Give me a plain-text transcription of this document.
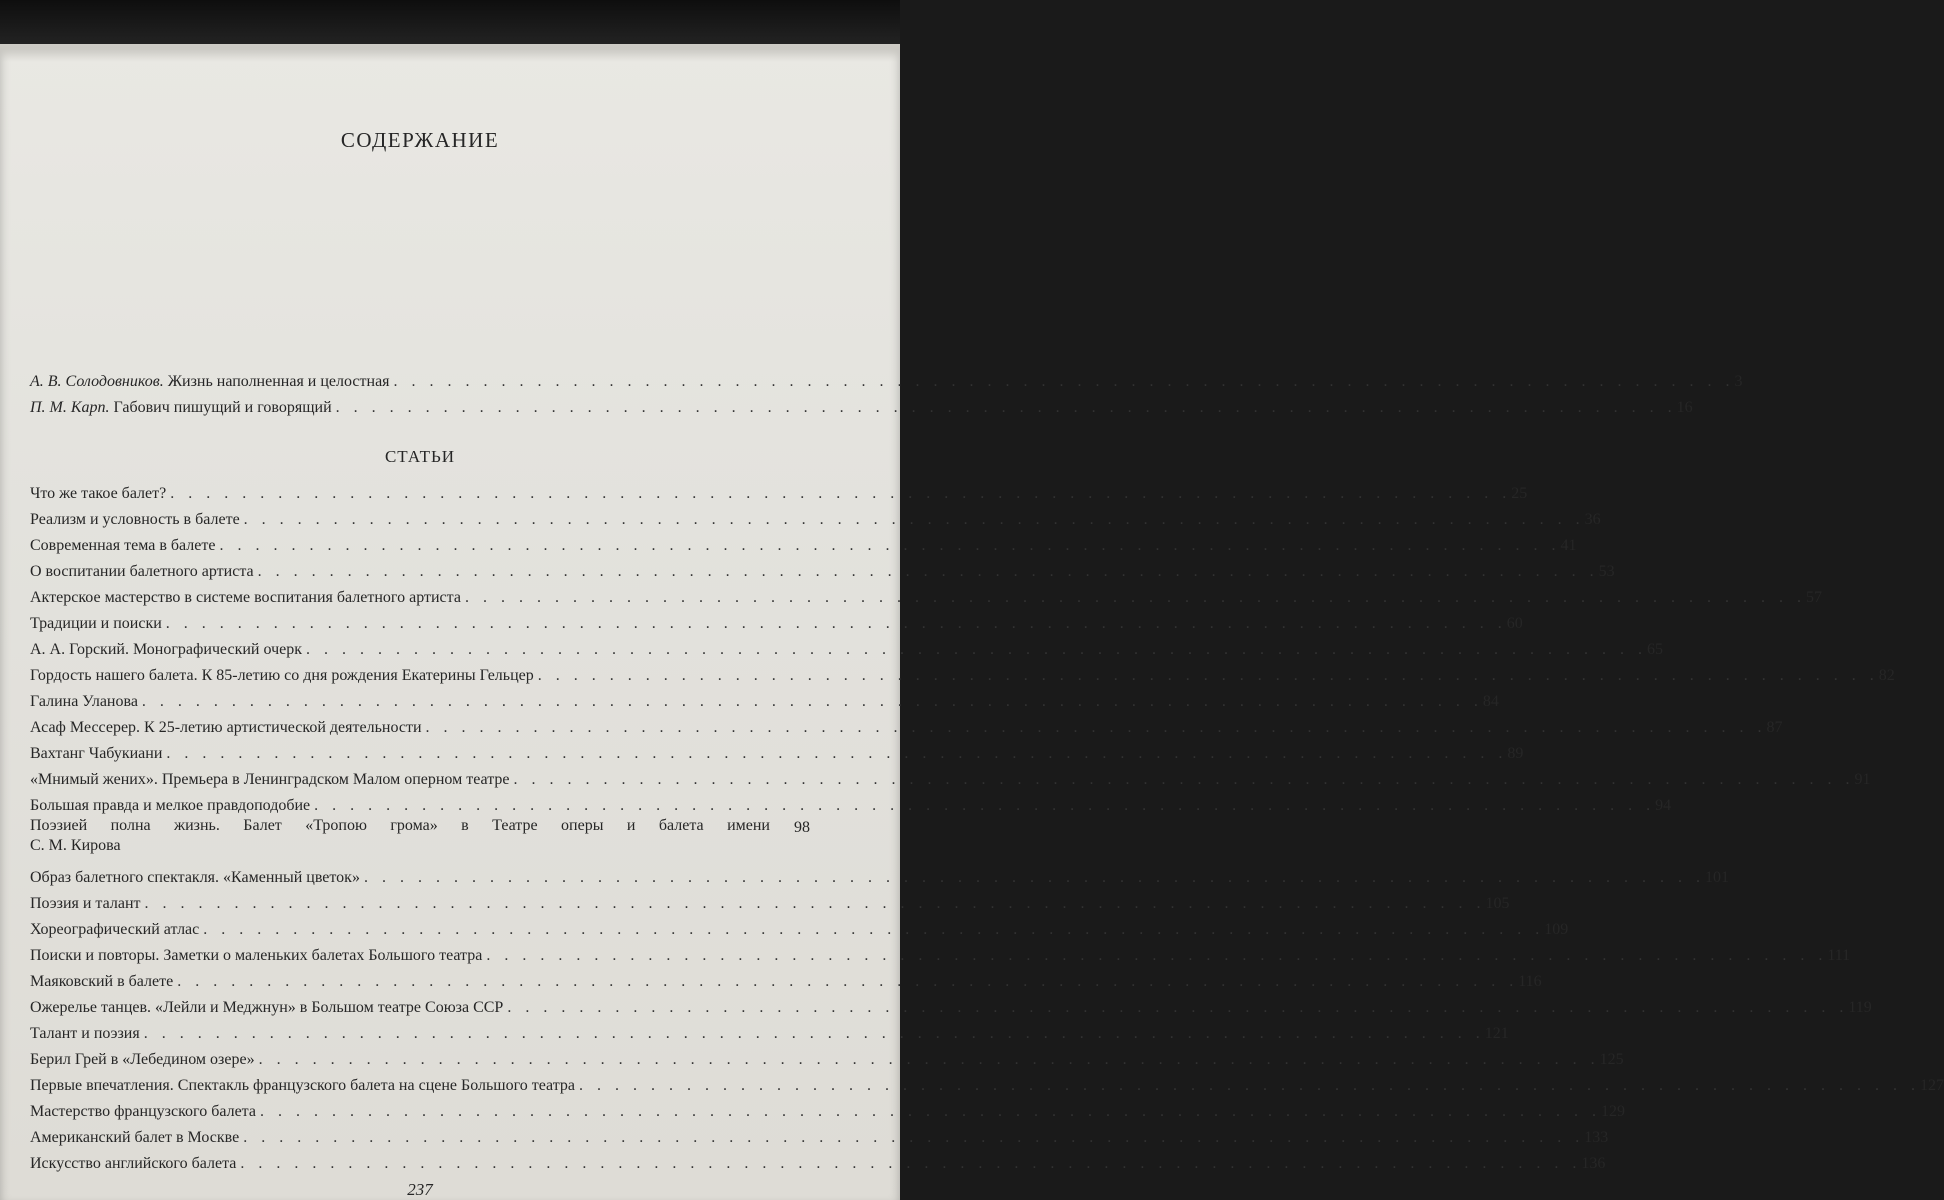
СОДЕРЖАНИЕ
А. В. Солодовников. Жизнь наполненная и целостная . . . . . . . . . . . . . . . . . . . . . . . . . . . . . . . . . . . . . . . . . . . . . . . . . . . . . . . . . . . . . . . . . . . . . . . . . . . 3
П. М. Карп. Габович пишущий и говорящий . . . . . . . . . . . . . . . . . . . . . . . . . . . . . . . . . . . . . . . . . . . . . . . . . . . . . . . . . . . . . . . . . . . . . . . . . . . 16
СТАТЬИ
Что же такое балет? . . . . . . . . . . . . . . . . . . . . . . . . . . . . . . . . . . . . . . . . . . . . . . . . . . . . . . . . . . . . . . . . . . . . . . . . . . . 25
Реализм и условность в балете . . . . . . . . . . . . . . . . . . . . . . . . . . . . . . . . . . . . . . . . . . . . . . . . . . . . . . . . . . . . . . . . . . . . . . . . . . . 36
Современная тема в балете . . . . . . . . . . . . . . . . . . . . . . . . . . . . . . . . . . . . . . . . . . . . . . . . . . . . . . . . . . . . . . . . . . . . . . . . . . . 41
О воспитании балетного артиста . . . . . . . . . . . . . . . . . . . . . . . . . . . . . . . . . . . . . . . . . . . . . . . . . . . . . . . . . . . . . . . . . . . . . . . . . . . 53
Актерское мастерство в системе воспитания балетного артиста . . . . . . . . . . . . . . . . . . . . . . . . . . . . . . . . . . . . . . . . . . . . . . . . . . . . . . . . . . . . . . . . . . . . . . . . . . . 57
Традиции и поиски . . . . . . . . . . . . . . . . . . . . . . . . . . . . . . . . . . . . . . . . . . . . . . . . . . . . . . . . . . . . . . . . . . . . . . . . . . . 60
А. А. Горский. Монографический очерк . . . . . . . . . . . . . . . . . . . . . . . . . . . . . . . . . . . . . . . . . . . . . . . . . . . . . . . . . . . . . . . . . . . . . . . . . . . 65
Гордость нашего балета. К 85-летию со дня рождения Екатерины Гельцер . . . . . . . . . . . . . . . . . . . . . . . . . . . . . . . . . . . . . . . . . . . . . . . . . . . . . . . . . . . . . . . . . . . . . . . . . . . 82
Галина Уланова . . . . . . . . . . . . . . . . . . . . . . . . . . . . . . . . . . . . . . . . . . . . . . . . . . . . . . . . . . . . . . . . . . . . . . . . . . . 84
Асаф Мессерер. К 25-летию артистической деятельности . . . . . . . . . . . . . . . . . . . . . . . . . . . . . . . . . . . . . . . . . . . . . . . . . . . . . . . . . . . . . . . . . . . . . . . . . . . 87
Вахтанг Чабукиани . . . . . . . . . . . . . . . . . . . . . . . . . . . . . . . . . . . . . . . . . . . . . . . . . . . . . . . . . . . . . . . . . . . . . . . . . . . 89
«Мнимый жених». Премьера в Ленинградском Малом оперном театре . . . . . . . . . . . . . . . . . . . . . . . . . . . . . . . . . . . . . . . . . . . . . . . . . . . . . . . . . . . . . . . . . . . . . . . . . . . 91
Большая правда и мелкое правдоподобие . . . . . . . . . . . . . . . . . . . . . . . . . . . . . . . . . . . . . . . . . . . . . . . . . . . . . . . . . . . . . . . . . . . . . . . . . . . 94
Поэзией полна жизнь. Балет «Тропою грома» в Театре оперы и балета имени
С. М. Кирова
98
Образ балетного спектакля. «Каменный цветок» . . . . . . . . . . . . . . . . . . . . . . . . . . . . . . . . . . . . . . . . . . . . . . . . . . . . . . . . . . . . . . . . . . . . . . . . . . . 101
Поэзия и талант . . . . . . . . . . . . . . . . . . . . . . . . . . . . . . . . . . . . . . . . . . . . . . . . . . . . . . . . . . . . . . . . . . . . . . . . . . . 105
Хореографический атлас . . . . . . . . . . . . . . . . . . . . . . . . . . . . . . . . . . . . . . . . . . . . . . . . . . . . . . . . . . . . . . . . . . . . . . . . . . . 109
Поиски и повторы. Заметки о маленьких балетах Большого театра . . . . . . . . . . . . . . . . . . . . . . . . . . . . . . . . . . . . . . . . . . . . . . . . . . . . . . . . . . . . . . . . . . . . . . . . . . . 111
Маяковский в балете . . . . . . . . . . . . . . . . . . . . . . . . . . . . . . . . . . . . . . . . . . . . . . . . . . . . . . . . . . . . . . . . . . . . . . . . . . . 116
Ожерелье танцев. «Лейли и Меджнун» в Большом театре Союза ССР . . . . . . . . . . . . . . . . . . . . . . . . . . . . . . . . . . . . . . . . . . . . . . . . . . . . . . . . . . . . . . . . . . . . . . . . . . . 119
Талант и поэзия . . . . . . . . . . . . . . . . . . . . . . . . . . . . . . . . . . . . . . . . . . . . . . . . . . . . . . . . . . . . . . . . . . . . . . . . . . . 121
Берил Грей в «Лебедином озере» . . . . . . . . . . . . . . . . . . . . . . . . . . . . . . . . . . . . . . . . . . . . . . . . . . . . . . . . . . . . . . . . . . . . . . . . . . . 125
Первые впечатления. Спектакль французского балета на сцене Большого театра . . . . . . . . . . . . . . . . . . . . . . . . . . . . . . . . . . . . . . . . . . . . . . . . . . . . . . . . . . . . . . . . . . . . . . . . . . . 127
Мастерство французского балета . . . . . . . . . . . . . . . . . . . . . . . . . . . . . . . . . . . . . . . . . . . . . . . . . . . . . . . . . . . . . . . . . . . . . . . . . . . 129
Американский балет в Москве . . . . . . . . . . . . . . . . . . . . . . . . . . . . . . . . . . . . . . . . . . . . . . . . . . . . . . . . . . . . . . . . . . . . . . . . . . . 133
Искусство английского балета . . . . . . . . . . . . . . . . . . . . . . . . . . . . . . . . . . . . . . . . . . . . . . . . . . . . . . . . . . . . . . . . . . . . . . . . . . . 136
237
